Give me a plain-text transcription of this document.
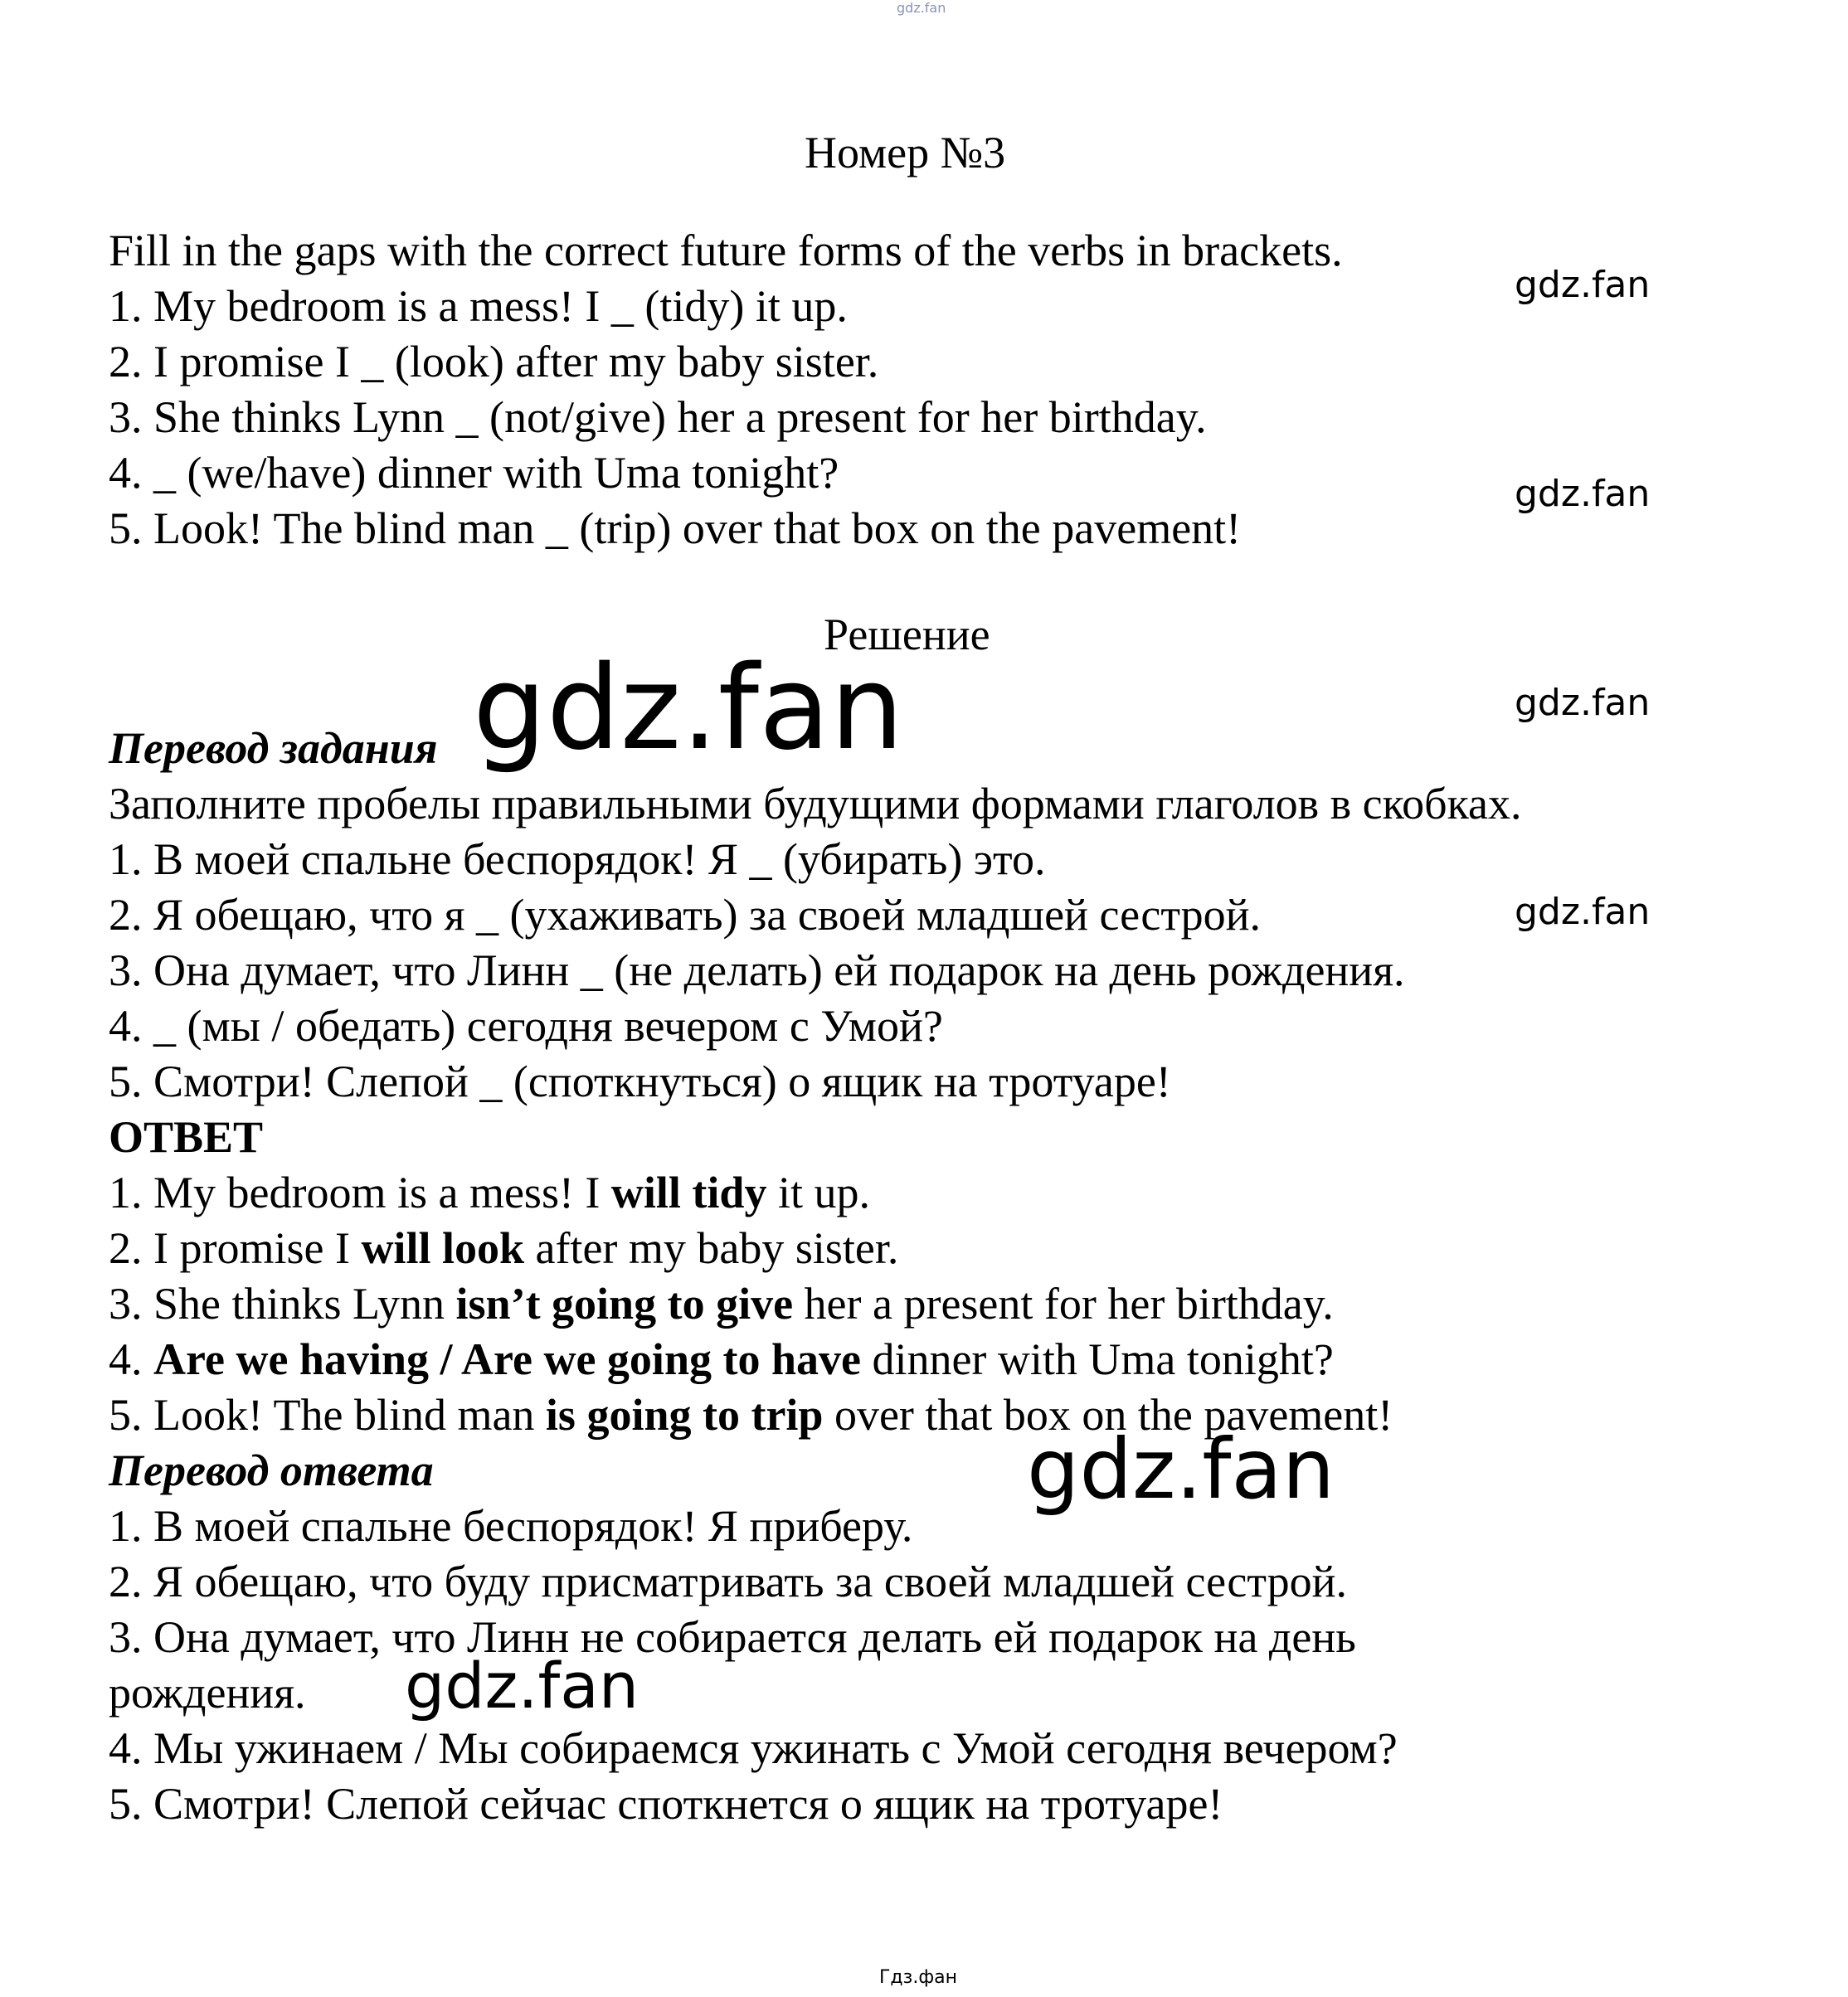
gdz.fan
Номер №3
Fill in the gaps with the correct future forms of the verbs in brackets.
1. My bedroom is a mess! I _ (tidy) it up.
2. I promise I _ (look) after my baby sister.
3. She thinks Lynn _ (not/give) her a present for her birthday.
4. _ (we/have) dinner with Uma tonight?
5. Look! The blind man _ (trip) over that box on the pavement!
Решение
Перевод задания
Заполните пробелы правильными будущими формами глаголов в скобках.
1. В моей спальне беспорядок! Я _ (убирать) это.
2. Я обещаю, что я _ (ухаживать) за своей младшей сестрой.
3. Она думает, что Линн _ (не делать) ей подарок на день рождения.
4. _ (мы / обедать) сегодня вечером с Умой?
5. Смотри! Слепой _ (споткнуться) о ящик на тротуаре!
ОТВЕТ
1. My bedroom is a mess! I will tidy it up.
2. I promise I will look after my baby sister.
3. She thinks Lynn isn’t going to give her a present for her birthday.
4. Are we having / Are we going to have dinner with Uma tonight?
5. Look! The blind man is going to trip over that box on the pavement!
Перевод ответа
1. В моей спальне беспорядок! Я приберу.
2. Я обещаю, что буду присматривать за своей младшей сестрой.
3. Она думает, что Линн не собирается делать ей подарок на день
рождения.
4. Мы ужинаем / Мы собираемся ужинать с Умой сегодня вечером?
5. Смотри! Слепой сейчас споткнется о ящик на тротуаре!
gdz.fan
gdz.fan
gdz.fan
gdz.fan
gdz.fan
gdz.fan
gdz.fan
Гдз.фан
